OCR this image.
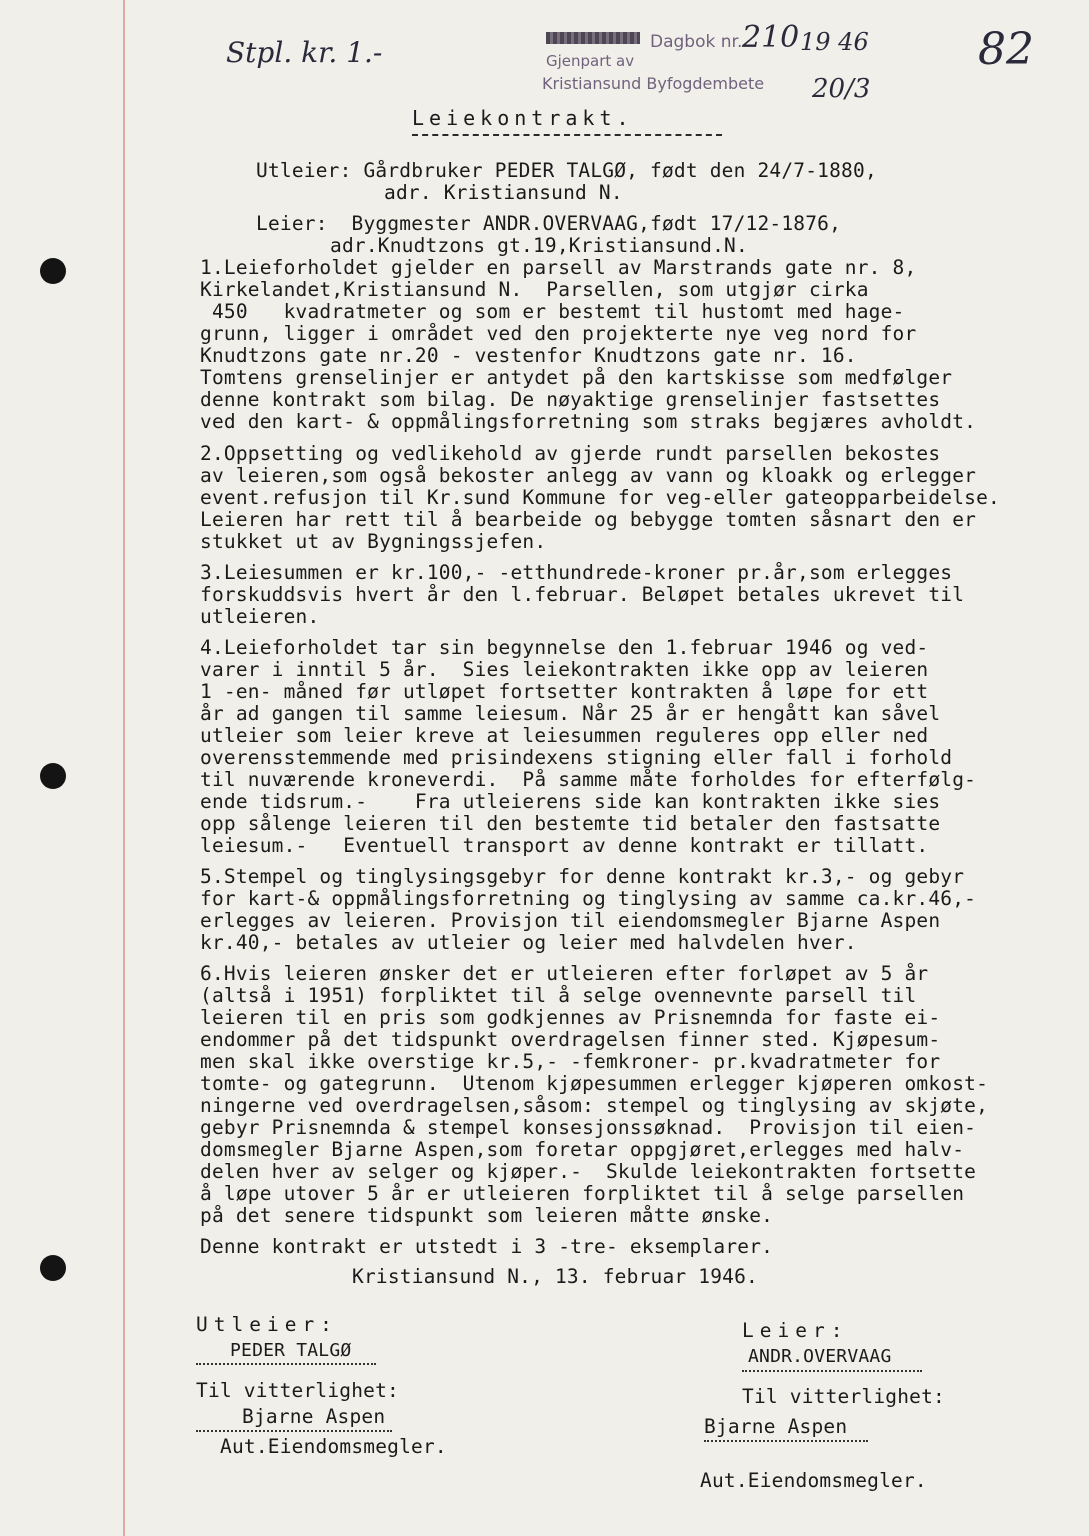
Stpl. kr. 1.-	Gjenpart av
Kristiansund Byfogdembete
Dagbok nr. 210 19 46
20/3
82
Leiekontrakt.
Utleier: Gårdbruker PEDER TALGØ, født den 24/7-1880,
adr. Kristiansund N.
Leier:  Byggmester ANDR.OVERVAAG,født 17/12-1876,
adr.Knudtzons gt.19,Kristiansund.N.
1.Leieforholdet gjelder en parsell av Marstrands gate nr. 8,
Kirkelandet,Kristiansund N.  Parsellen, som utgjør cirka
450   kvadratmeter og som er bestemt til hustomt med hage-
grunn, ligger i området ved den projekterte nye veg nord for
Knudtzons gate nr.20 - vestenfor Knudtzons gate nr. 16.
Tomtens grenselinjer er antydet på den kartskisse som medfølger
denne kontrakt som bilag. De nøyaktige grenselinjer fastsettes
ved den kart- & oppmålingsforretning som straks begjæres avholdt.
2.Oppsetting og vedlikehold av gjerde rundt parsellen bekostes
av leieren,som også bekoster anlegg av vann og kloakk og erlegger
event.refusjon til Kr.sund Kommune for veg-eller gateopparbeidelse.
Leieren har rett til å bearbeide og bebygge tomten såsnart den er
stukket ut av Bygningssjefen.
3.Leiesummen er kr.100,- -etthundrede-kroner pr.år,som erlegges
forskuddsvis hvert år den l.februar. Beløpet betales ukrevet til
utleieren.
4.Leieforholdet tar sin begynnelse den 1.februar 1946 og ved-
varer i inntil 5 år.  Sies leiekontrakten ikke opp av leieren
1 -en- måned før utløpet fortsetter kontrakten å løpe for ett
år ad gangen til samme leiesum. Når 25 år er hengått kan såvel
utleier som leier kreve at leiesummen reguleres opp eller ned
overensstemmende med prisindexens stigning eller fall i forhold
til nuværende kroneverdi.  På samme måte forholdes for efterfølg-
ende tidsrum.-    Fra utleierens side kan kontrakten ikke sies
opp sålenge leieren til den bestemte tid betaler den fastsatte
leiesum.-   Eventuell transport av denne kontrakt er tillatt.
5.Stempel og tinglysingsgebyr for denne kontrakt kr.3,- og gebyr
for kart-& oppmålingsforretning og tinglysing av samme ca.kr.46,-
erlegges av leieren. Provisjon til eiendomsmegler Bjarne Aspen
kr.40,- betales av utleier og leier med halvdelen hver.
6.Hvis leieren ønsker det er utleieren efter forløpet av 5 år
(altså i 1951) forpliktet til å selge ovennevnte parsell til
leieren til en pris som godkjennes av Prisnemnda for faste ei-
endommer på det tidspunkt overdragelsen finner sted. Kjøpesum-
men skal ikke overstige kr.5,- -femkroner- pr.kvadratmeter for
tomte- og gategrunn.  Utenom kjøpesummen erlegger kjøperen omkost-
ningerne ved overdragelsen,såsom: stempel og tinglysing av skjøte,
gebyr Prisnemnda & stempel konsesjonssøknad.  Provisjon til eien-
domsmegler Bjarne Aspen,som foretar oppgjøret,erlegges med halv-
delen hver av selger og kjøper.-  Skulde leiekontrakten fortsette
å løpe utover 5 år er utleieren forpliktet til å selge parsellen
på det senere tidspunkt som leieren måtte ønske.
Denne kontrakt er utstedt i 3 -tre- eksemplarer.
Kristiansund N., 13. februar 1946.
Utleier:
PEDER TALGØ
Til vitterlighet:
Bjarne Aspen
Aut.Eiendomsmegler.
Leier:
ANDR.OVERVAAG
Til vitterlighet:
Bjarne Aspen
Aut.Eiendomsmegler.
